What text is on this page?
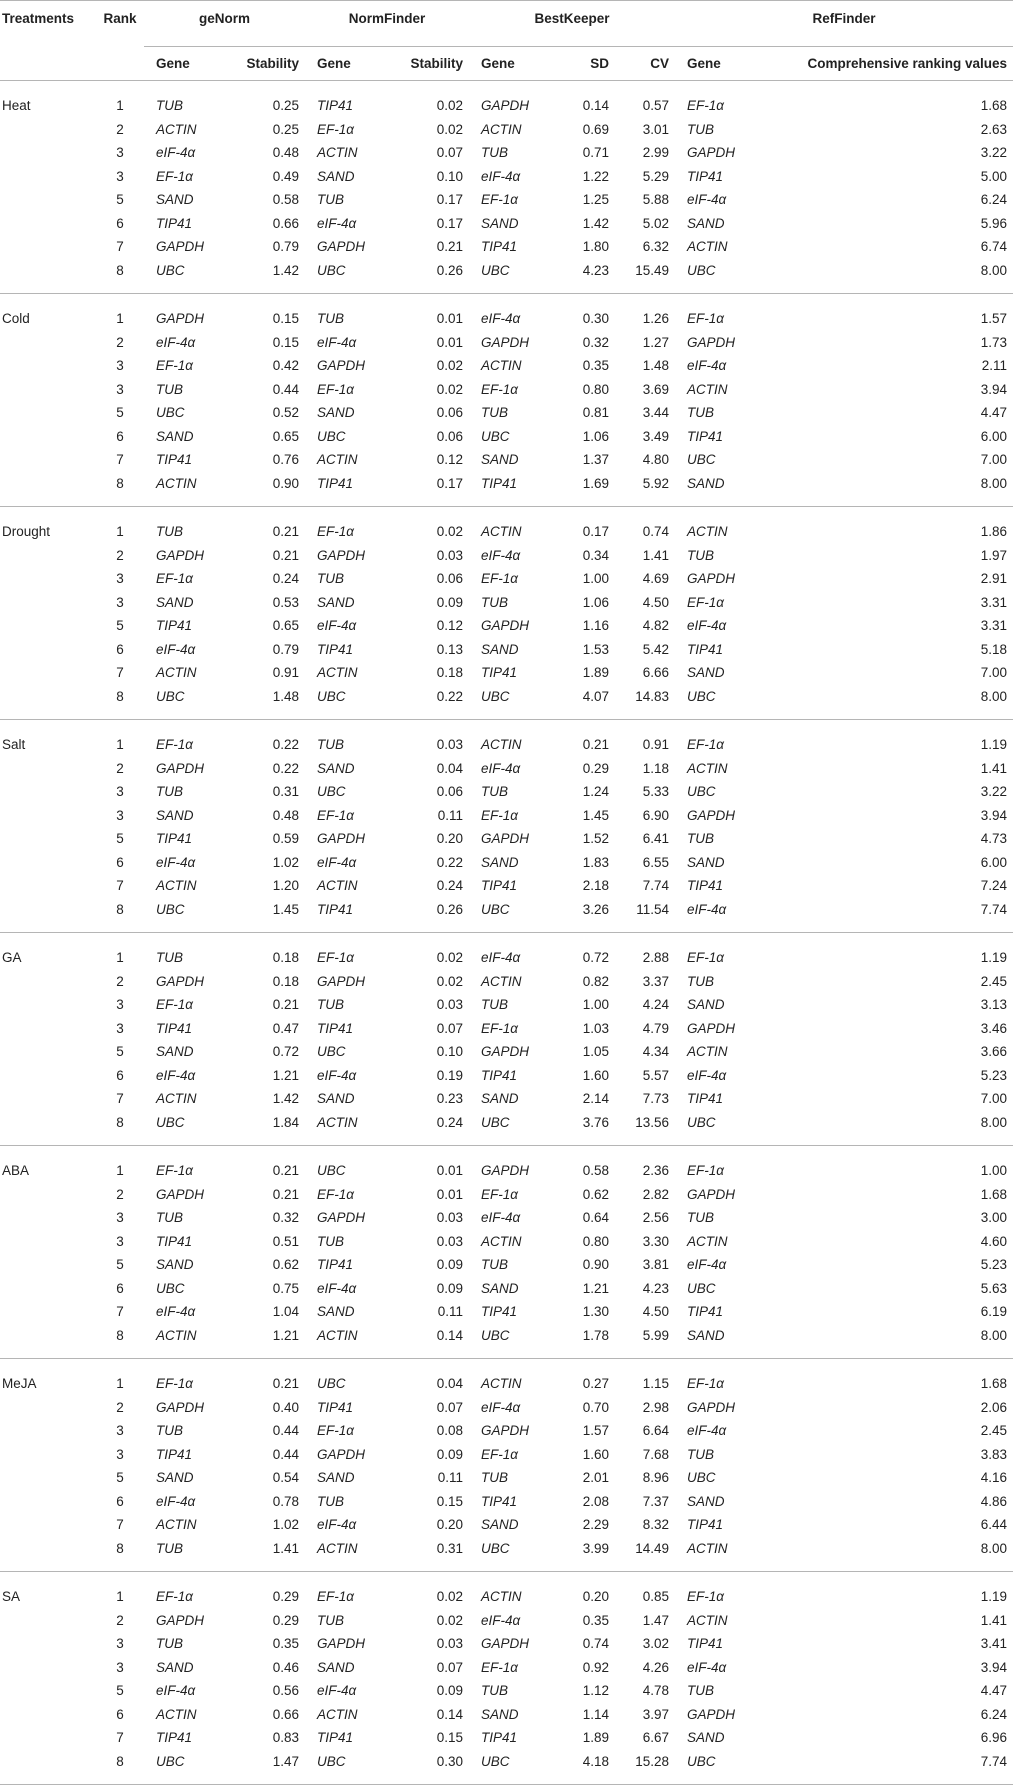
Treatments	Rank	geNorm		NormFinder		BestKeeper			RefFinder	
		Gene	Stability	Gene	Stability	Gene	SD	CV	Gene	Comprehensive ranking values
Heat	1	TUB	0.25	TIP41	0.02	GAPDH	0.14	0.57	EF-1α	1.68
	2	ACTIN	0.25	EF-1α	0.02	ACTIN	0.69	3.01	TUB	2.63
	3	eIF-4α	0.48	ACTIN	0.07	TUB	0.71	2.99	GAPDH	3.22
	3	EF-1α	0.49	SAND	0.10	eIF-4α	1.22	5.29	TIP41	5.00
	5	SAND	0.58	TUB	0.17	EF-1α	1.25	5.88	eIF-4α	6.24
	6	TIP41	0.66	eIF-4α	0.17	SAND	1.42	5.02	SAND	5.96
	7	GAPDH	0.79	GAPDH	0.21	TIP41	1.80	6.32	ACTIN	6.74
	8	UBC	1.42	UBC	0.26	UBC	4.23	15.49	UBC	8.00
Cold	1	GAPDH	0.15	TUB	0.01	eIF-4α	0.30	1.26	EF-1α	1.57
	2	eIF-4α	0.15	eIF-4α	0.01	GAPDH	0.32	1.27	GAPDH	1.73
	3	EF-1α	0.42	GAPDH	0.02	ACTIN	0.35	1.48	eIF-4α	2.11
	3	TUB	0.44	EF-1α	0.02	EF-1α	0.80	3.69	ACTIN	3.94
	5	UBC	0.52	SAND	0.06	TUB	0.81	3.44	TUB	4.47
	6	SAND	0.65	UBC	0.06	UBC	1.06	3.49	TIP41	6.00
	7	TIP41	0.76	ACTIN	0.12	SAND	1.37	4.80	UBC	7.00
	8	ACTIN	0.90	TIP41	0.17	TIP41	1.69	5.92	SAND	8.00
Drought	1	TUB	0.21	EF-1α	0.02	ACTIN	0.17	0.74	ACTIN	1.86
	2	GAPDH	0.21	GAPDH	0.03	eIF-4α	0.34	1.41	TUB	1.97
	3	EF-1α	0.24	TUB	0.06	EF-1α	1.00	4.69	GAPDH	2.91
	3	SAND	0.53	SAND	0.09	TUB	1.06	4.50	EF-1α	3.31
	5	TIP41	0.65	eIF-4α	0.12	GAPDH	1.16	4.82	eIF-4α	3.31
	6	eIF-4α	0.79	TIP41	0.13	SAND	1.53	5.42	TIP41	5.18
	7	ACTIN	0.91	ACTIN	0.18	TIP41	1.89	6.66	SAND	7.00
	8	UBC	1.48	UBC	0.22	UBC	4.07	14.83	UBC	8.00
Salt	1	EF-1α	0.22	TUB	0.03	ACTIN	0.21	0.91	EF-1α	1.19
	2	GAPDH	0.22	SAND	0.04	eIF-4α	0.29	1.18	ACTIN	1.41
	3	TUB	0.31	UBC	0.06	TUB	1.24	5.33	UBC	3.22
	3	SAND	0.48	EF-1α	0.11	EF-1α	1.45	6.90	GAPDH	3.94
	5	TIP41	0.59	GAPDH	0.20	GAPDH	1.52	6.41	TUB	4.73
	6	eIF-4α	1.02	eIF-4α	0.22	SAND	1.83	6.55	SAND	6.00
	7	ACTIN	1.20	ACTIN	0.24	TIP41	2.18	7.74	TIP41	7.24
	8	UBC	1.45	TIP41	0.26	UBC	3.26	11.54	eIF-4α	7.74
GA	1	TUB	0.18	EF-1α	0.02	eIF-4α	0.72	2.88	EF-1α	1.19
	2	GAPDH	0.18	GAPDH	0.02	ACTIN	0.82	3.37	TUB	2.45
	3	EF-1α	0.21	TUB	0.03	TUB	1.00	4.24	SAND	3.13
	3	TIP41	0.47	TIP41	0.07	EF-1α	1.03	4.79	GAPDH	3.46
	5	SAND	0.72	UBC	0.10	GAPDH	1.05	4.34	ACTIN	3.66
	6	eIF-4α	1.21	eIF-4α	0.19	TIP41	1.60	5.57	eIF-4α	5.23
	7	ACTIN	1.42	SAND	0.23	SAND	2.14	7.73	TIP41	7.00
	8	UBC	1.84	ACTIN	0.24	UBC	3.76	13.56	UBC	8.00
ABA	1	EF-1α	0.21	UBC	0.01	GAPDH	0.58	2.36	EF-1α	1.00
	2	GAPDH	0.21	EF-1α	0.01	EF-1α	0.62	2.82	GAPDH	1.68
	3	TUB	0.32	GAPDH	0.03	eIF-4α	0.64	2.56	TUB	3.00
	3	TIP41	0.51	TUB	0.03	ACTIN	0.80	3.30	ACTIN	4.60
	5	SAND	0.62	TIP41	0.09	TUB	0.90	3.81	eIF-4α	5.23
	6	UBC	0.75	eIF-4α	0.09	SAND	1.21	4.23	UBC	5.63
	7	eIF-4α	1.04	SAND	0.11	TIP41	1.30	4.50	TIP41	6.19
	8	ACTIN	1.21	ACTIN	0.14	UBC	1.78	5.99	SAND	8.00
MeJA	1	EF-1α	0.21	UBC	0.04	ACTIN	0.27	1.15	EF-1α	1.68
	2	GAPDH	0.40	TIP41	0.07	eIF-4α	0.70	2.98	GAPDH	2.06
	3	TUB	0.44	EF-1α	0.08	GAPDH	1.57	6.64	eIF-4α	2.45
	3	TIP41	0.44	GAPDH	0.09	EF-1α	1.60	7.68	TUB	3.83
	5	SAND	0.54	SAND	0.11	TUB	2.01	8.96	UBC	4.16
	6	eIF-4α	0.78	TUB	0.15	TIP41	2.08	7.37	SAND	4.86
	7	ACTIN	1.02	eIF-4α	0.20	SAND	2.29	8.32	TIP41	6.44
	8	TUB	1.41	ACTIN	0.31	UBC	3.99	14.49	ACTIN	8.00
SA	1	EF-1α	0.29	EF-1α	0.02	ACTIN	0.20	0.85	EF-1α	1.19
	2	GAPDH	0.29	TUB	0.02	eIF-4α	0.35	1.47	ACTIN	1.41
	3	TUB	0.35	GAPDH	0.03	GAPDH	0.74	3.02	TIP41	3.41
	3	SAND	0.46	SAND	0.07	EF-1α	0.92	4.26	eIF-4α	3.94
	5	eIF-4α	0.56	eIF-4α	0.09	TUB	1.12	4.78	TUB	4.47
	6	ACTIN	0.66	ACTIN	0.14	SAND	1.14	3.97	GAPDH	6.24
	7	TIP41	0.83	TIP41	0.15	TIP41	1.89	6.67	SAND	6.96
	8	UBC	1.47	UBC	0.30	UBC	4.18	15.28	UBC	7.74
